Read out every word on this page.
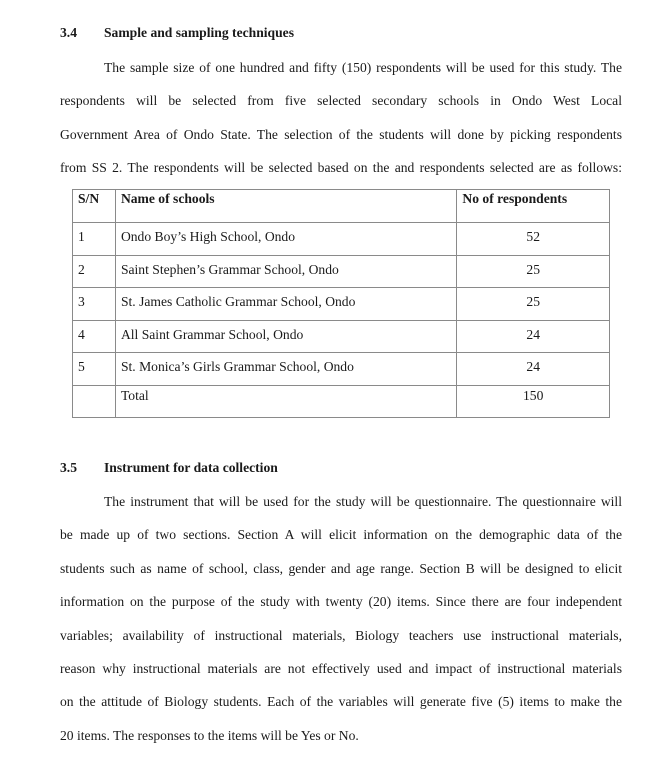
3.4 Sample and sampling techniques
The sample size of one hundred and fifty (150) respondents will be used for this study. The
respondents will be selected from five selected secondary schools in Ondo West Local
Government Area of Ondo State. The selection of the students will done by picking respondents
from SS 2. The respondents will be selected based on the and respondents selected are as follows:
S/N	Name of schools	No of respondents
1	Ondo Boy’s High School, Ondo	52
2	Saint Stephen’s Grammar School, Ondo	25
3	St. James Catholic Grammar School, Ondo	25
4	All Saint Grammar School, Ondo	24
5	St. Monica’s Girls Grammar School, Ondo	24
	Total	150
3.5 Instrument for data collection
The instrument that will be used for the study will be questionnaire. The questionnaire will
be made up of two sections. Section A will elicit information on the demographic data of the
students such as name of school, class, gender and age range. Section B will be designed to elicit
information on the purpose of the study with twenty (20) items. Since there are four independent
variables; availability of instructional materials, Biology teachers use instructional materials,
reason why instructional materials are not effectively used and impact of instructional materials
on the attitude of Biology students. Each of the variables will generate five (5) items to make the
20 items. The responses to the items will be Yes or No.
